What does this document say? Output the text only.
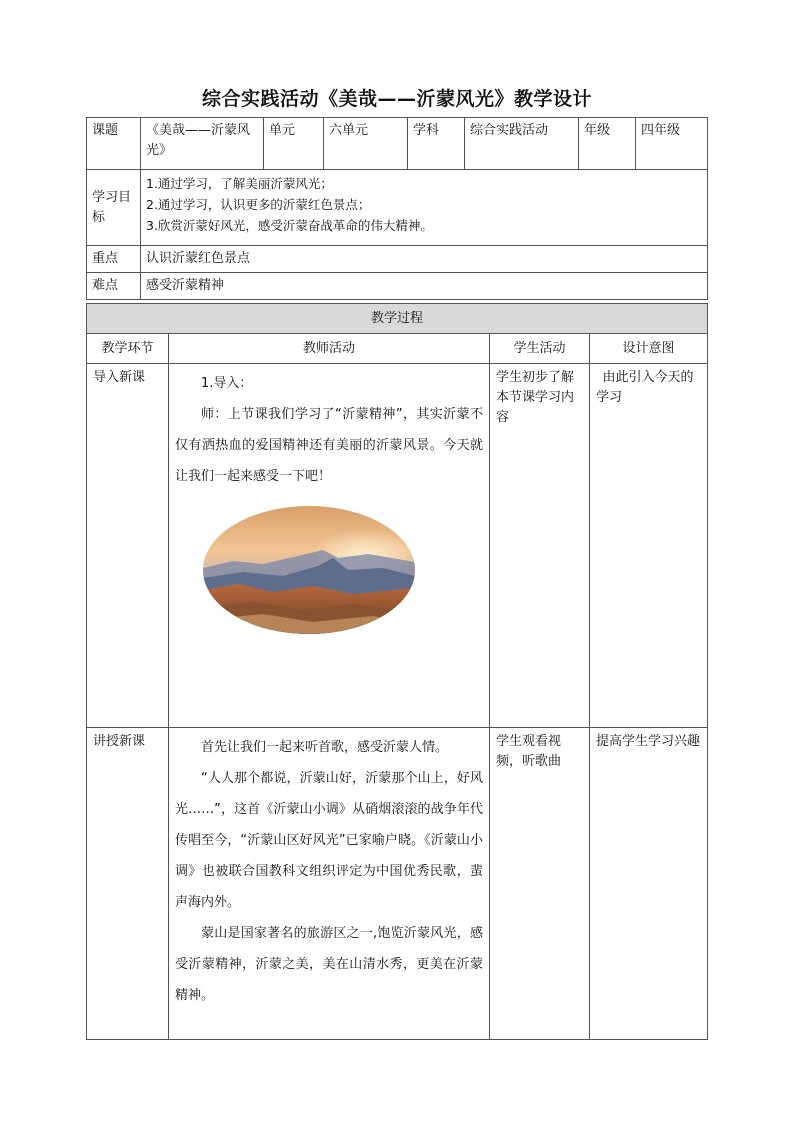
综合实践活动《美哉——沂蒙风光》教学设计
课题	《美哉——沂蒙风光》	单元	六单元	学科	综合实践活动	年级	四年级
学习目标	1.通过学习，了解美丽沂蒙风光；

2.通过学习，认识更多的沂蒙红色景点；

3.欣赏沂蒙好风光，感受沂蒙奋战革命的伟大精神。						

重点	认识沂蒙红色景点						
难点	感受沂蒙精神						
教学过程			
教学环节	教师活动	学生活动	设计意图
导入新课	1.导入：

师：上节课我们学习了“沂蒙精神”，其实沂蒙不仅有洒热血的爱国精神还有美丽的沂蒙风景。今天就让我们一起来感受一下吧！	学生初步了解本节课学习内容	由此引入今天的学习
讲授新课	首先让我们一起来听首歌，感受沂蒙人情。

“人人那个都说，沂蒙山好，沂蒙那个山上，好风光……”，这首《沂蒙山小调》从硝烟滚滚的战争年代传唱至今，“沂蒙山区好风光”已家喻户晓。《沂蒙山小调》也被联合国教科文组织评定为中国优秀民歌，蜚声海内外。

蒙山是国家著名的旅游区之一,饱览沂蒙风光，感受沂蒙精神，沂蒙之美，美在山清水秀，更美在沂蒙精神。	学生观看视频，听歌曲	提高学生学习兴趣
